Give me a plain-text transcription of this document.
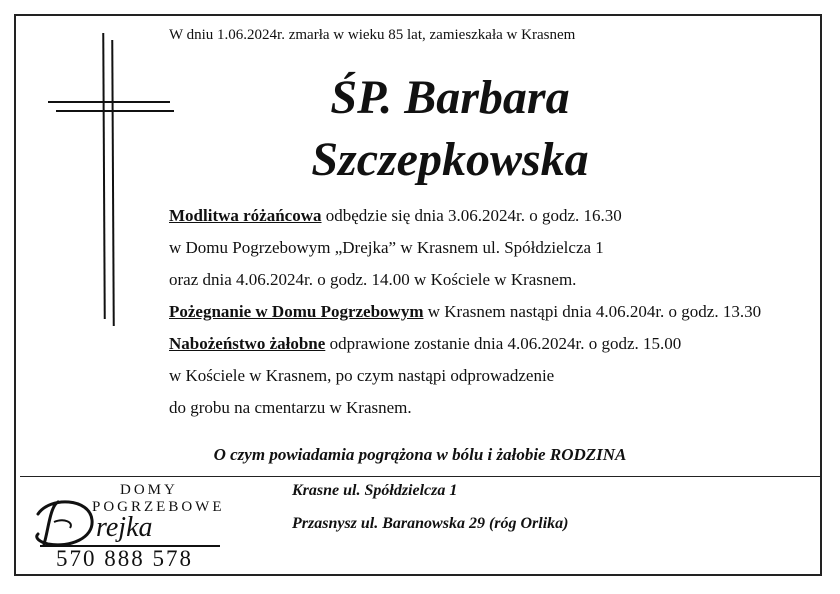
W dniu 1.06.2024r. zmarła w wieku 85 lat, zamieszkała w Krasnem
ŚP. Barbara
Szczepkowska
Modlitwa różańcowa odbędzie się dnia 3.06.2024r. o godz. 16.30
w Domu Pogrzebowym „Drejka” w Krasnem ul. Spółdzielcza 1
oraz dnia 4.06.2024r. o godz. 14.00 w Kościele w Krasnem.
Pożegnanie w Domu Pogrzebowym w Krasnem nastąpi dnia 4.06.204r. o godz. 13.30
Nabożeństwo żałobne odprawione zostanie dnia 4.06.2024r. o godz. 15.00
w Kościele w Krasnem, po czym nastąpi odprowadzenie
do grobu na cmentarzu w Krasnem.
O czym powiadamia pogrążona w bólu i żałobie RODZINA
DOMY
POGRZEBOWE
rejka
570 888 578
Krasne ul. Spółdzielcza 1
Przasnysz ul. Baranowska 29 (róg Orlika)
